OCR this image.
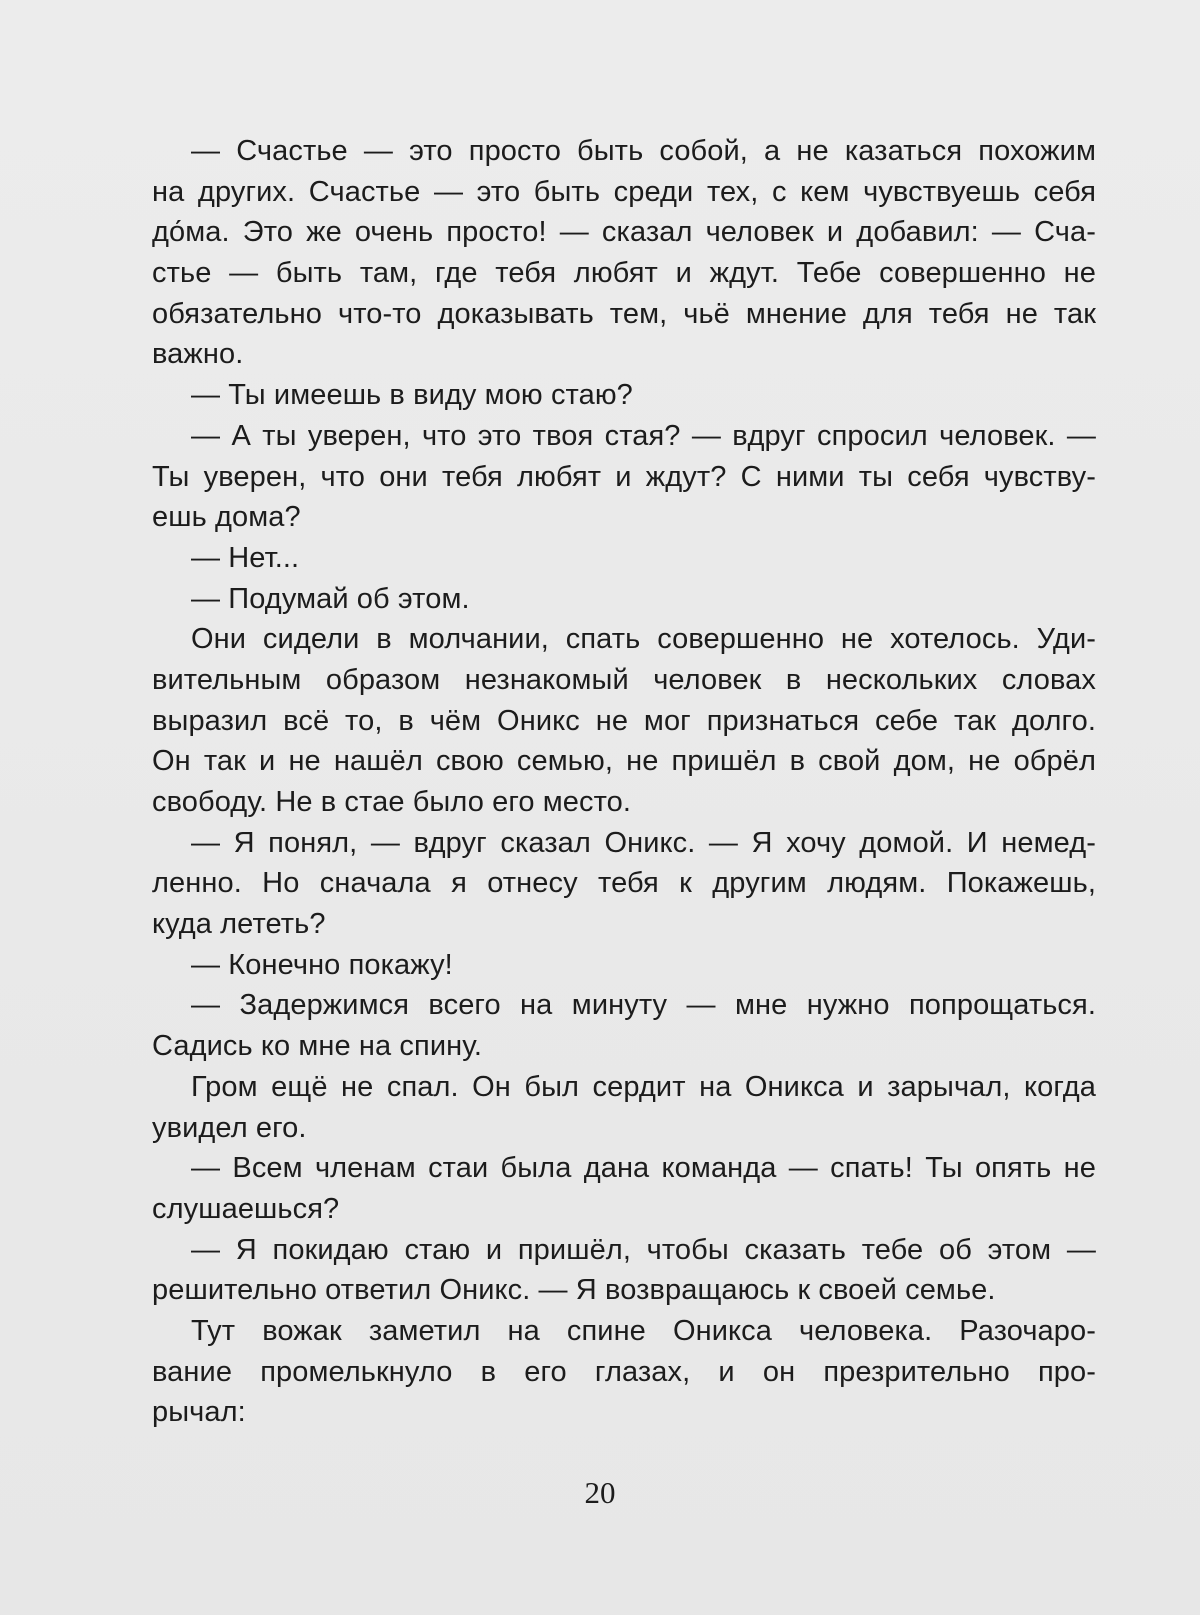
— Счастье — это просто быть собой, а не казаться похожим
на других. Счастье — это быть среди тех, с кем чувствуешь себя
до́ма. Это же очень просто! — сказал человек и добавил: — Сча-
стье — быть там, где тебя любят и ждут. Тебе совершенно не
обязательно что-то доказывать тем, чьё мнение для тебя не так
важно.
— Ты имеешь в виду мою стаю?
— А ты уверен, что это твоя стая? — вдруг спросил человек. —
Ты уверен, что они тебя любят и ждут? С ними ты себя чувству-
ешь дома?
— Нет...
— Подумай об этом.
Они сидели в молчании, спать совершенно не хотелось. Уди-
вительным образом незнакомый человек в нескольких словах
выразил всё то, в чём Оникс не мог признаться себе так долго.
Он так и не нашёл свою семью, не пришёл в свой дом, не обрёл
свободу. Не в стае было его место.
— Я понял, — вдруг сказал Оникс. — Я хочу домой. И немед-
ленно. Но сначала я отнесу тебя к другим людям. Покажешь,
куда лететь?
— Конечно покажу!
— Задержимся всего на минуту — мне нужно попрощаться.
Садись ко мне на спину.
Гром ещё не спал. Он был сердит на Оникса и зарычал, когда
увидел его.
— Всем членам стаи была дана команда — спать! Ты опять не
слушаешься?
— Я покидаю стаю и пришёл, чтобы сказать тебе об этом —
решительно ответил Оникс. — Я возвращаюсь к своей семье.
Тут вожак заметил на спине Оникса человека. Разочаро-
вание промелькнуло в его глазах, и он презрительно про-
рычал:
20
